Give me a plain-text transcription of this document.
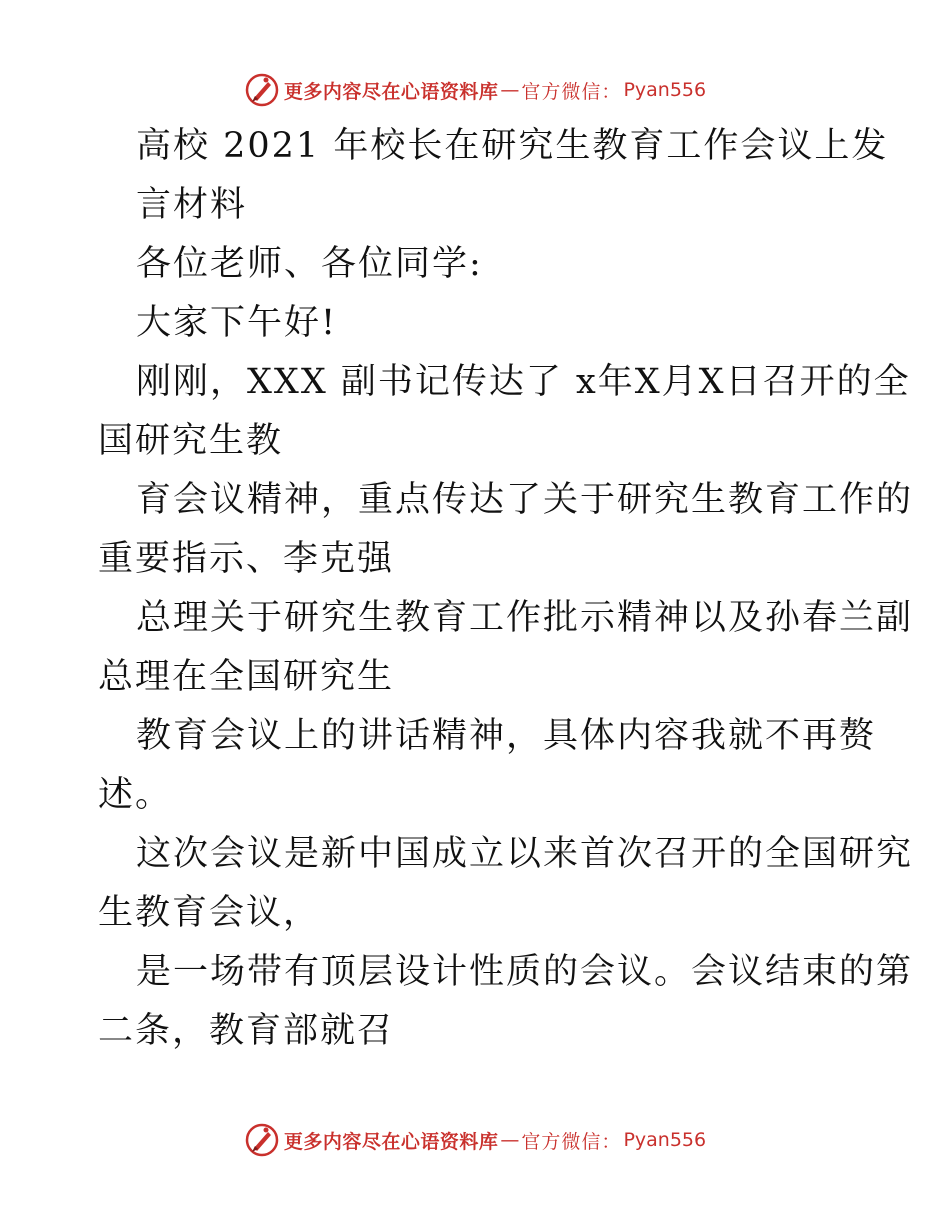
更多内容尽在心语资料库 — 官方微信： Pyan556
高校 2021 年校长在研究生教育工作会议上发
言材料
各位老师、各位同学:
大家下午好!
刚刚，XXX 副书记传达了 x年X月X日召开的全
国研究生教
育会议精神，重点传达了关于研究生教育工作的
重要指示、李克强
总理关于研究生教育工作批示精神以及孙春兰副
总理在全国研究生
教育会议上的讲话精神，具体内容我就不再赘
述。
这次会议是新中国成立以来首次召开的全国研究
生教育会议，
是一场带有顶层设计性质的会议。会议结束的第
二条，教育部就召
更多内容尽在心语资料库 — 官方微信： Pyan556
